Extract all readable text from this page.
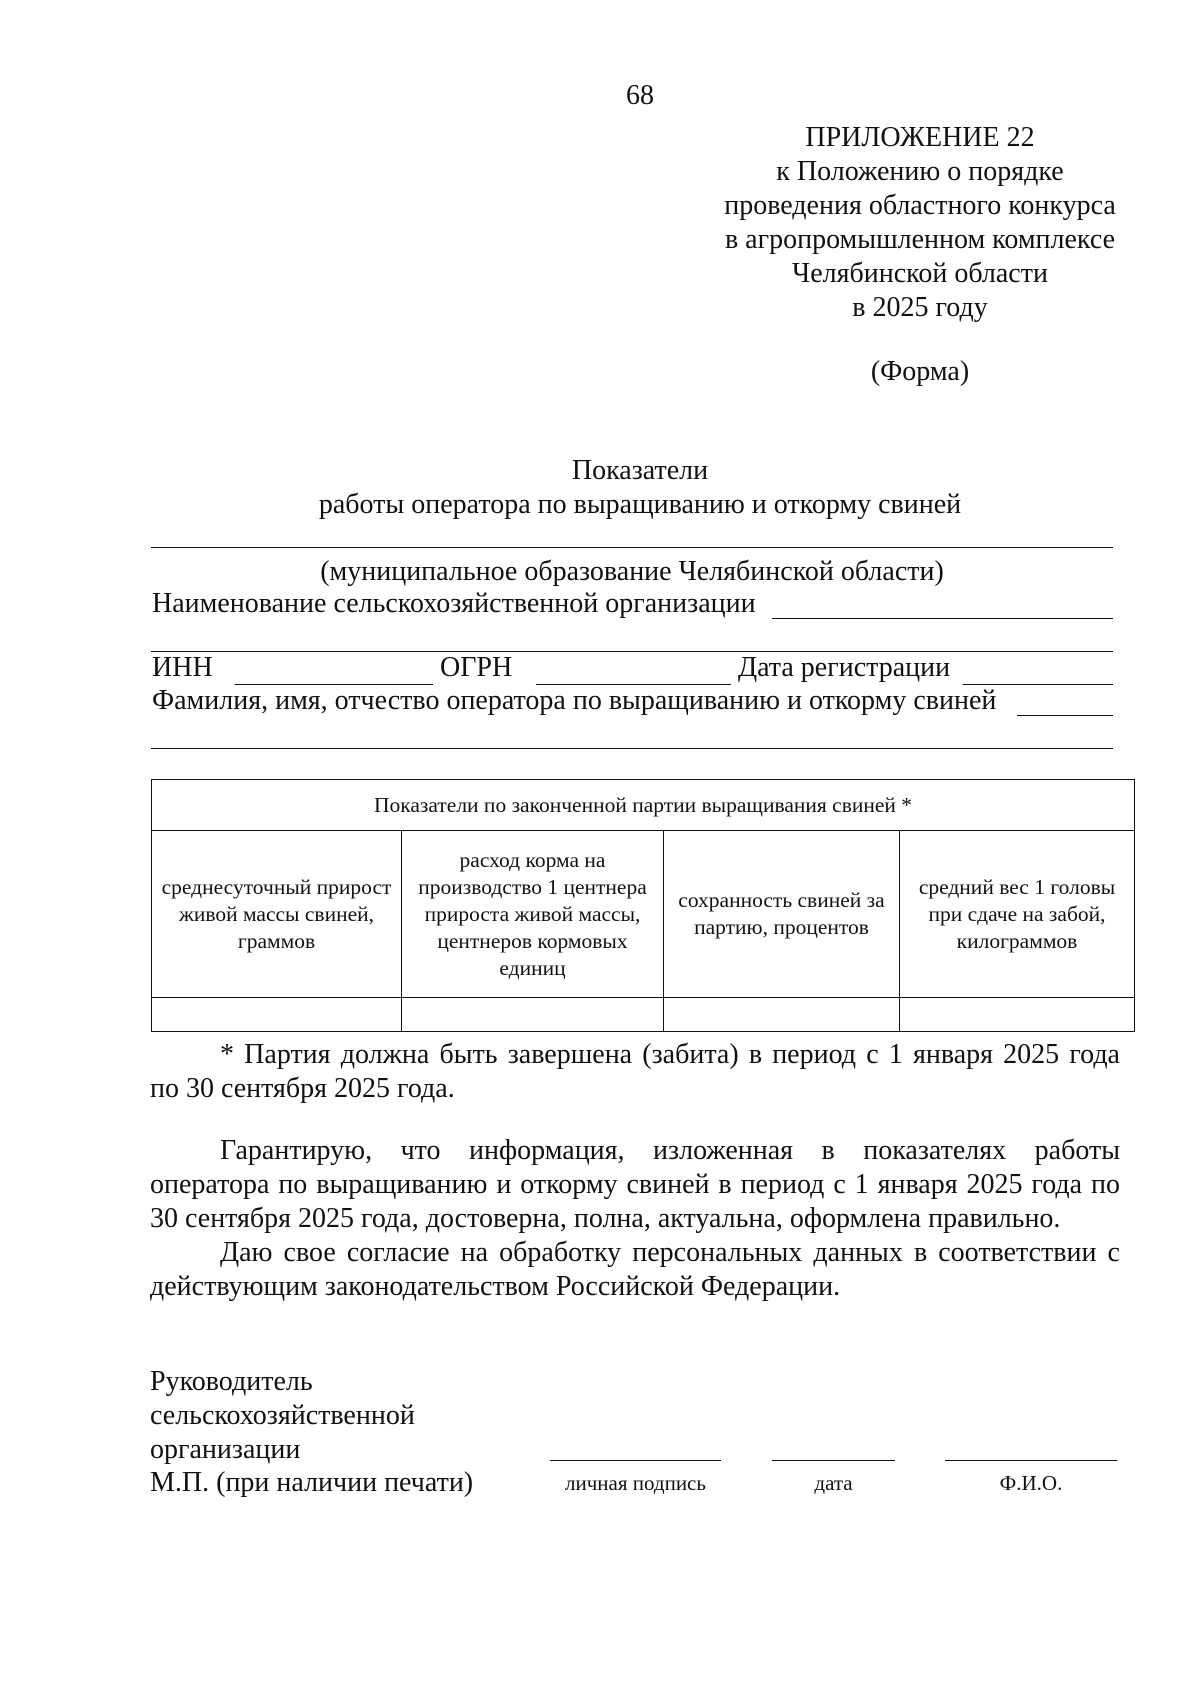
68
ПРИЛОЖЕНИЕ 22
к Положению о порядке
проведения областного конкурса
в агропромышленном комплексе
Челябинской области
в 2025 году
(Форма)
Показатели
работы оператора по выращиванию и откорму свиней
(муниципальное образование Челябинской области)
Наименование сельскохозяйственной организации
ИНН	ОГРН	Дата регистрации
Фамилия, имя, отчество оператора по выращиванию и откорму свиней
Показатели по законченной партии выращивания свиней *			
среднесуточный прирост живой массы свиней, граммов	расход корма на производство 1 центнера прироста живой массы, центнеров кормовых единиц	сохранность свиней за партию, процентов	средний вес 1 головы при сдаче на забой, килограммов

* Партия должна быть завершена (забита) в период с 1 января 2025 года
по 30 сентября 2025 года.
Гарантирую, что информация, изложенная в показателях работы
оператора по выращиванию и откорму свиней в период с 1 января 2025 года по
30 сентября 2025 года, достоверна, полна, актуальна, оформлена правильно.
Даю свое согласие на обработку персональных данных в соответствии с
действующим законодательством Российской Федерации.
Руководитель
сельскохозяйственной
организации
М.П. (при наличии печати)	личная подпись	дата	Ф.И.О.
